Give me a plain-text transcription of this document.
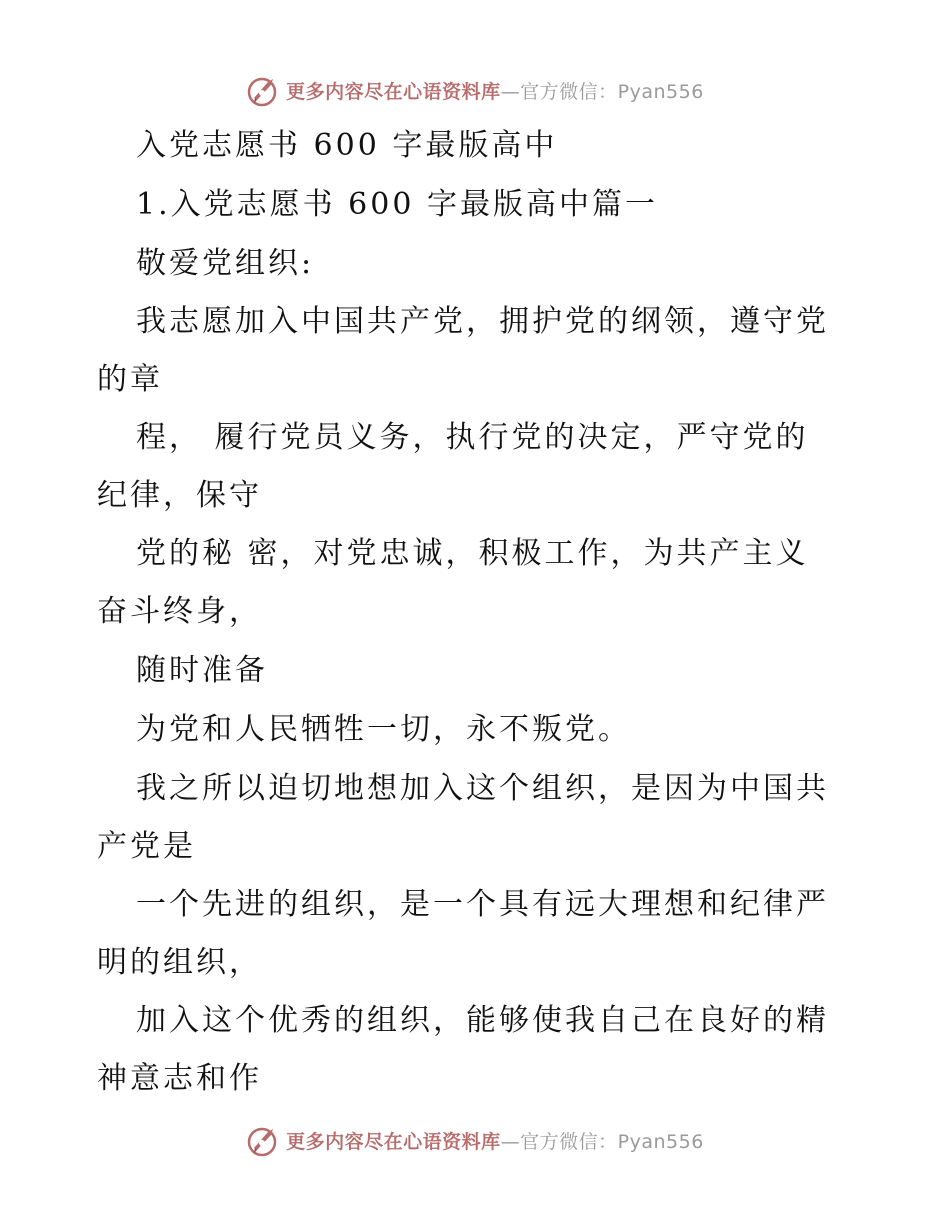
更多内容尽在心语资料库 —官方微信：Pyan556
入党志愿书 600 字最版高中
1.入党志愿书 600 字最版高中篇一
敬爱党组织:
我志愿加入中国共产党，拥护党的纲领，遵守党
的章
程， 履行党员义务，执行党的决定，严守党的
纪律，保守
党的秘 密，对党忠诚，积极工作，为共产主义
奋斗终身，
随时准备
为党和人民牺牲一切，永不叛党。
我之所以迫切地想加入这个组织，是因为中国共
产党是
一个先进的组织，是一个具有远大理想和纪律严
明的组织，
加入这个优秀的组织，能够使我自己在良好的精
神意志和作
更多内容尽在心语资料库 —官方微信：Pyan556
